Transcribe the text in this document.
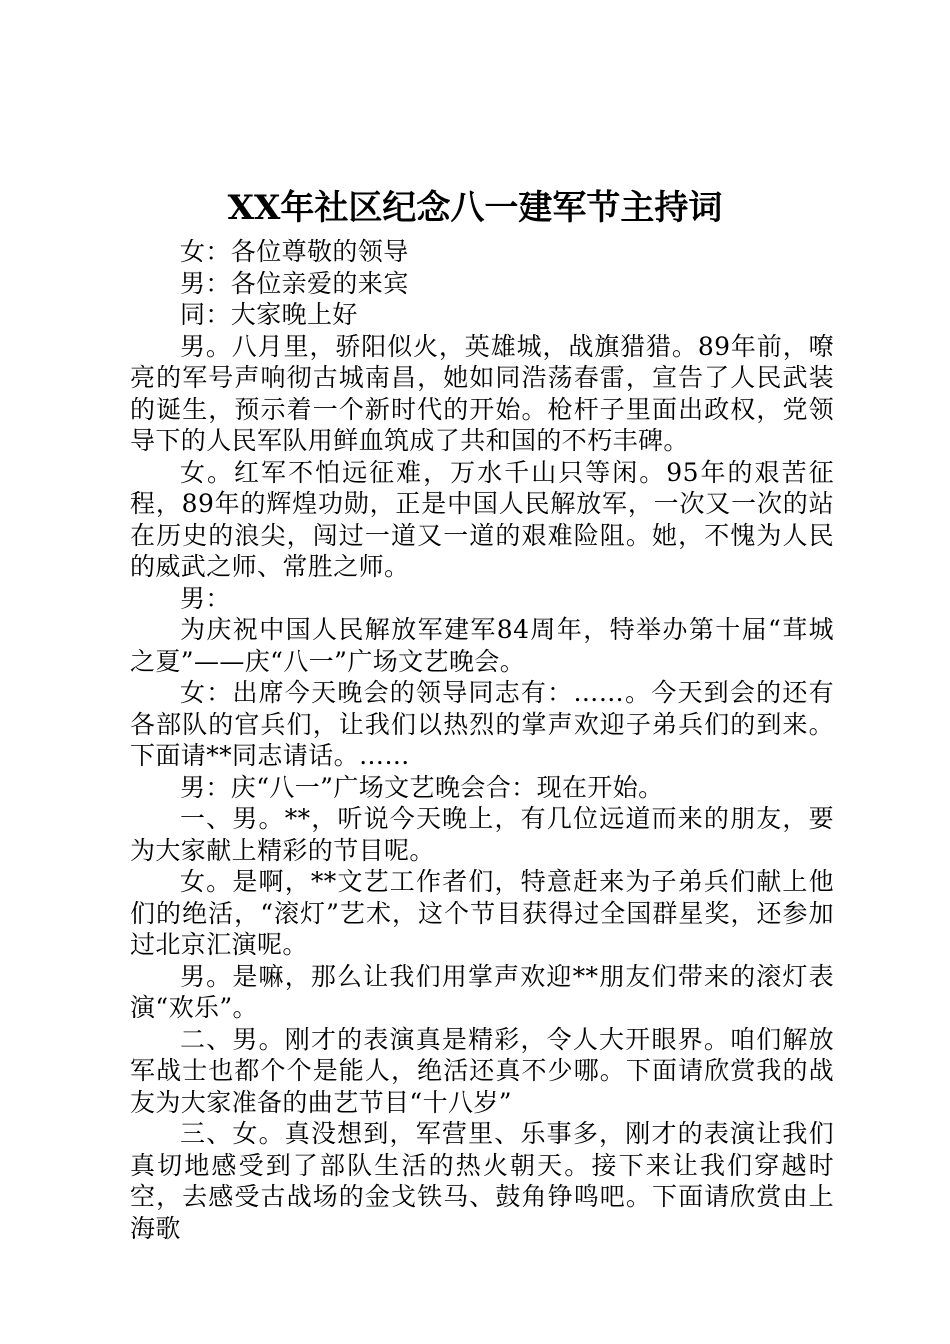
XX年社区纪念八一建军节主持词

女：各位尊敬的领导

男：各位亲爱的来宾

同：大家晚上好

男。八月里，骄阳似火，英雄城，战旗猎猎。89年前，嘹亮的军号声响彻古城南昌，她如同浩荡春雷，宣告了人民武装的诞生，预示着一个新时代的开始。枪杆子里面出政权，党领导下的人民军队用鲜血筑成了共和国的不朽丰碑。

女。红军不怕远征难，万水千山只等闲。95年的艰苦征程，89年的辉煌功勋，正是中国人民解放军，一次又一次的站在历史的浪尖，闯过一道又一道的艰难险阻。她，不愧为人民的威武之师、常胜之师。

男：

为庆祝中国人民解放军建军84周年，特举办第十届“茸城之夏”——庆“八一”广场文艺晚会。

女：出席今天晚会的领导同志有：……。今天到会的还有各部队的官兵们，让我们以热烈的掌声欢迎子弟兵们的到来。下面请**同志请话。……

男：庆“八一”广场文艺晚会合：现在开始。

一、男。**，听说今天晚上，有几位远道而来的朋友，要为大家献上精彩的节目呢。

女。是啊，**文艺工作者们，特意赶来为子弟兵们献上他们的绝活，“滚灯”艺术，这个节目获得过全国群星奖，还参加过北京汇演呢。

男。是嘛，那么让我们用掌声欢迎**朋友们带来的滚灯表演“欢乐”。

二、男。刚才的表演真是精彩，令人大开眼界。咱们解放军战士也都个个是能人，绝活还真不少哪。下面请欣赏我的战友为大家准备的曲艺节目“十八岁”

三、女。真没想到，军营里、乐事多，刚才的表演让我们真切地感受到了部队生活的热火朝天。接下来让我们穿越时空，去感受古战场的金戈铁马、鼓角铮鸣吧。下面请欣赏由上海歌
